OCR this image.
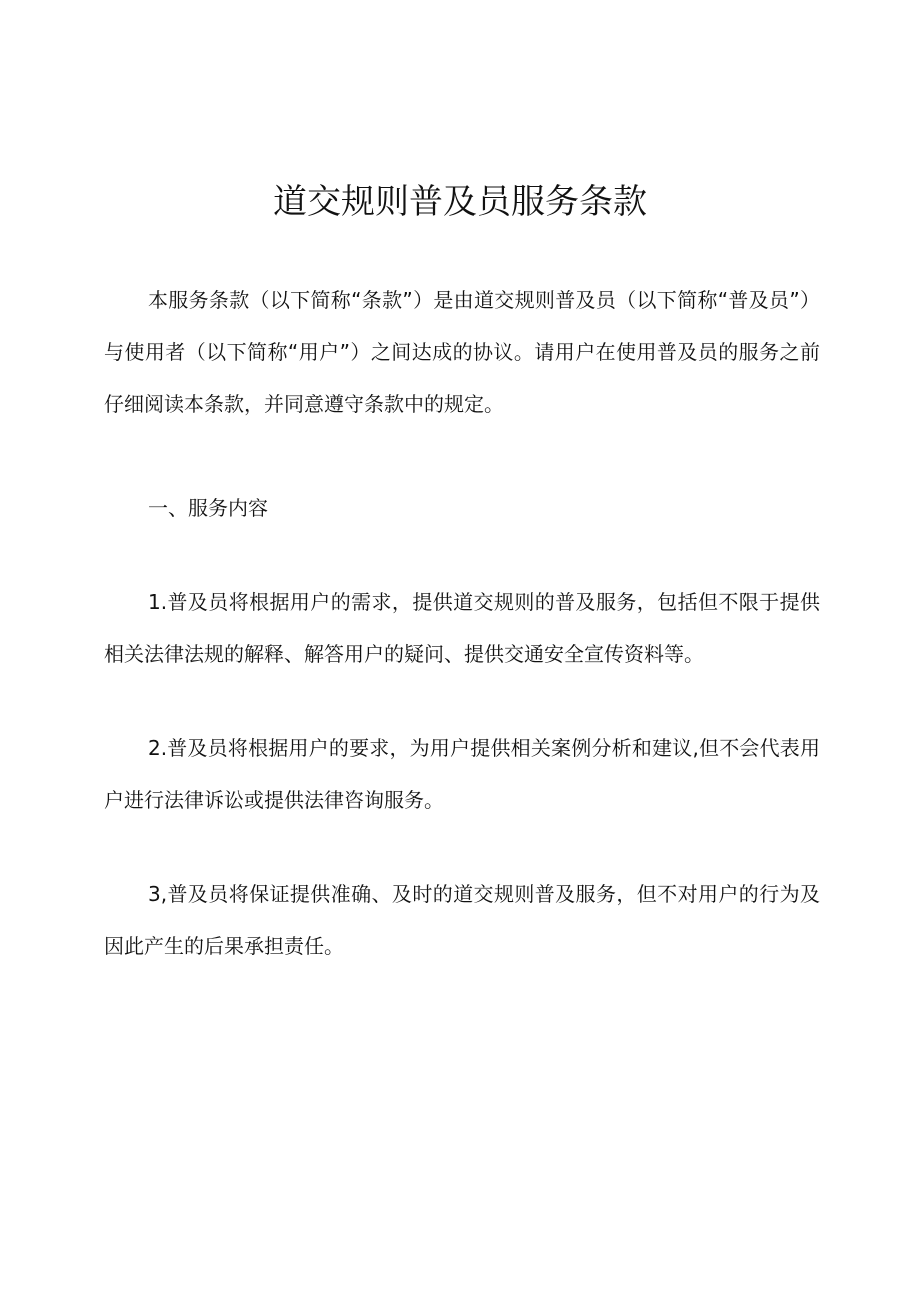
道交规则普及员服务条款

本服务条款（以下简称“条款”）是由道交规则普及员（以下简称“普及员”）与使用者（以下简称“用户”）之间达成的协议。请用户在使用普及员的服务之前仔细阅读本条款，并同意遵守条款中的规定。

一、服务内容

1.普及员将根据用户的需求，提供道交规则的普及服务，包括但不限于提供相关法律法规的解释、解答用户的疑问、提供交通安全宣传资料等。

2.普及员将根据用户的要求，为用户提供相关案例分析和建议,但不会代表用户进行法律诉讼或提供法律咨询服务。

3,普及员将保证提供准确、及时的道交规则普及服务，但不对用户的行为及因此产生的后果承担责任。
